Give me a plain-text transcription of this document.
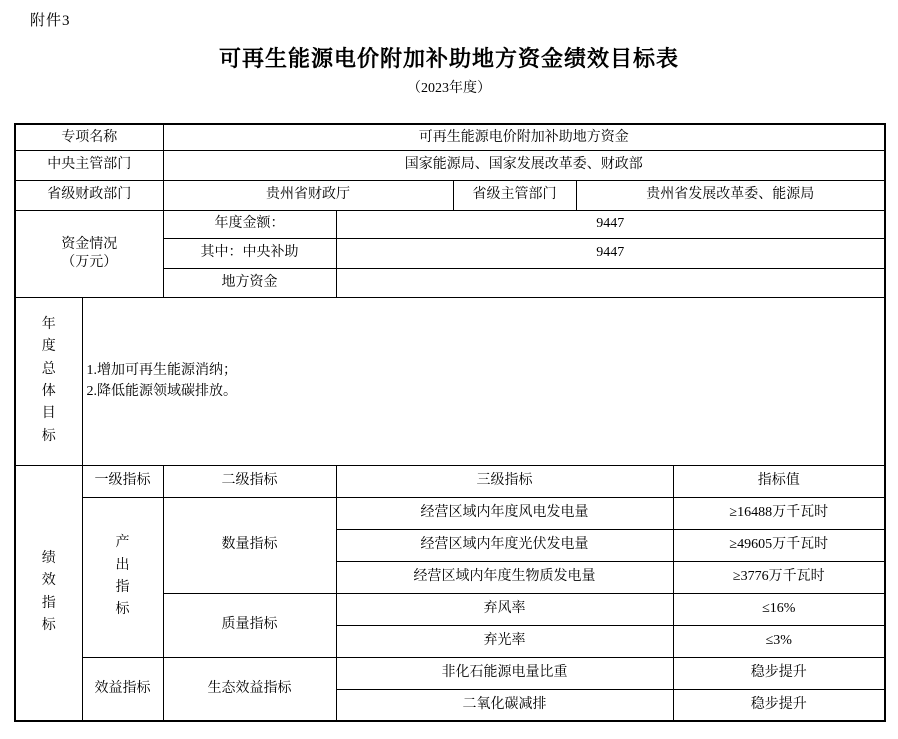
附件3
可再生能源电价附加补助地方资金绩效目标表
（2023年度）
专项名称		可再生能源电价附加补助地方资金				
中央主管部门		国家能源局、国家发展改革委、财政部				
省级财政部门		贵州省财政厅		省级主管部门	贵州省发展改革委、能源局	

资金情况
（万元）		年度金额：	9447			
		其中：中央补助	9447			
		地方资金				

年度总体目标	1.增加可再生能源消纳；
2.降低能源领域碳排放。					

绩效指标	一级指标	二级指标	三级指标			指标值

	产出指标	数量指标	经营区域内年度风电发电量			≥16488万千瓦时
			经营区域内年度光伏发电量			≥49605万千瓦时
			经营区域内年度生物质发电量			≥3776万千瓦时
		质量指标	弃风率			≤16%
			弃光率			≤3%
	效益指标	生态效益指标	非化石能源电量比重			稳步提升
			二氧化碳减排			稳步提升
